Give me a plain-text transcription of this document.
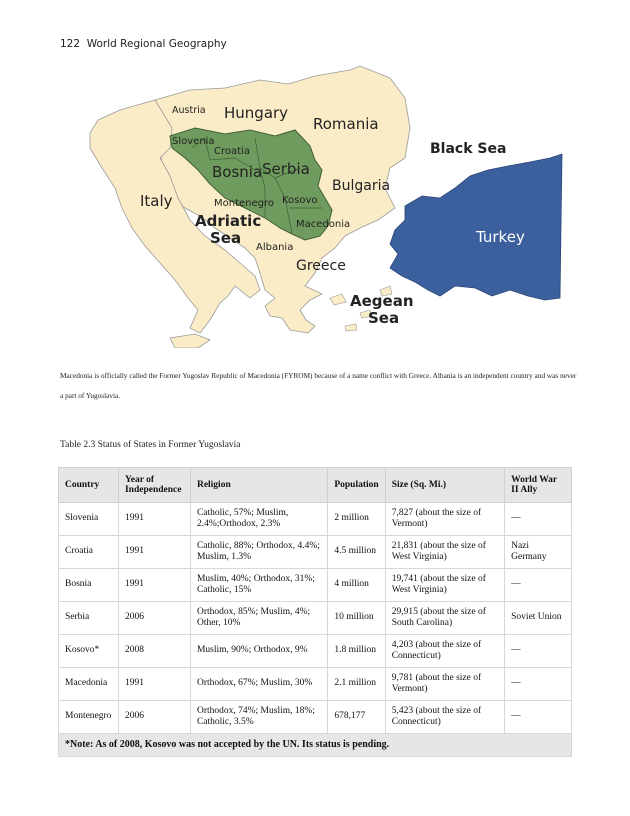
122 World Regional Geography
Austria Hungary
Romania
Black Sea
Slovenia
Croatia
Bosnia Serbia
Bulgaria
Italy	Montenegro Kosovo
Macedonia
Adriatic
Sea
Albania
Greece
Turkey
Aegean
Sea
Macedonia is officially called the Former Yugoslav Republic of Macedonia (FYROM) because of a name conflict with Greece. Albania is an independent country and was never a part of Yugoslavia.
Table 2.3 Status of States in Former Yugoslavia
Country	Year of Independence	Religion	Population	Size (Sq. Mi.)	World War II Ally
Slovenia	1991	Catholic, 57%; Muslim, 2.4%;Orthodox, 2.3%	2 million	7,827 (about the size of Vermont)	—
Croatia	1991	Catholic, 88%; Orthodox, 4.4%; Muslim, 1.3%	4.5 million	21,831 (about the size of West Virginia)	Nazi Germany
Bosnia	1991	Muslim, 40%; Orthodox, 31%; Catholic, 15%	4 million	19,741 (about the size of West Virginia)	—
Serbia	2006	Orthodox, 85%; Muslim, 4%; Other, 10%	10 million	29,915 (about the size of South Carolina)	Soviet Union
Kosovo*	2008	Muslim, 90%; Orthodox, 9%	1.8 million	4,203 (about the size of Connecticut)	—
Macedonia	1991	Orthodox, 67%; Muslim, 30%	2.1 million	9,781 (about the size of Vermont)	—
Montenegro	2006	Orthodox, 74%; Muslim, 18%; Catholic, 3.5%	678,177	5,423 (about the size of Connecticut)	—
*Note: As of 2008, Kosovo was not accepted by the UN. Its status is pending.					
